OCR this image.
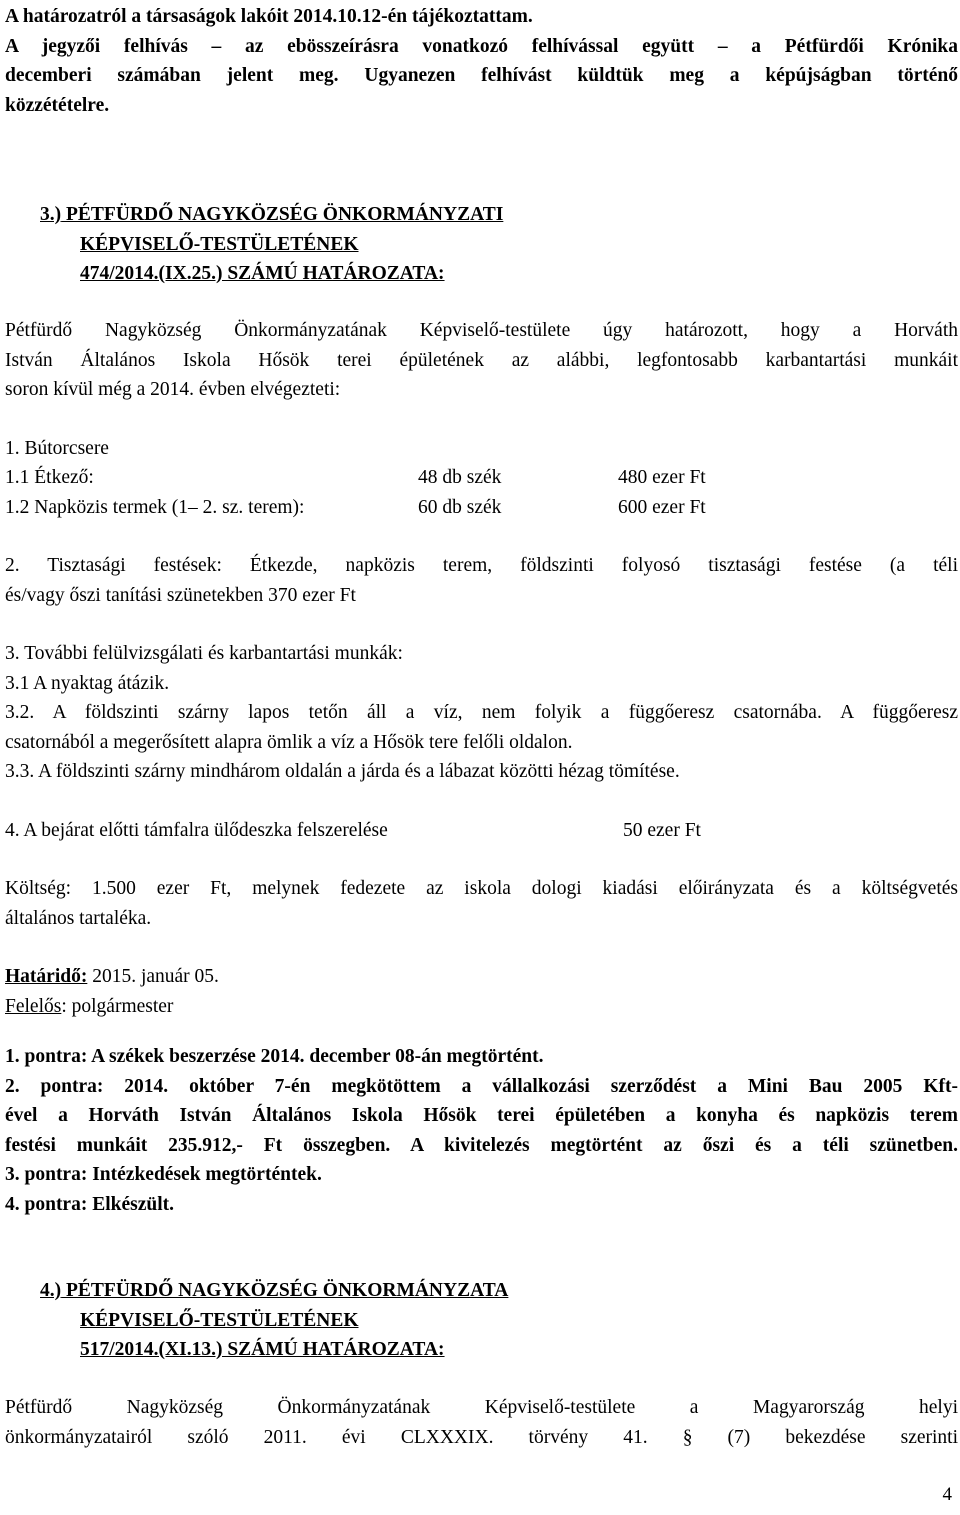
A határozatról a társaságok lakóit 2014.10.12-én tájékoztattam.

A jegyzői felhívás – az ebösszeírásra vonatkozó felhívással együtt – a Pétfürdői Krónika

decemberi számában jelent meg. Ugyanezen felhívást küldtük meg a képújságban történő

közzétételre.

3.) PÉTFÜRDŐ NAGYKÖZSÉG ÖNKORMÁNYZATI
KÉPVISELŐ-TESTÜLETÉNEK
474/2014.(IX.25.) SZÁMÚ HATÁROZATA:

Pétfürdő Nagyközség Önkormányzatának Képviselő-testülete úgy határozott, hogy a Horváth

István Általános Iskola Hősök terei épületének az alábbi, legfontosabb karbantartási munkáit

soron kívül még a 2014. évben elvégezteti:

1. Bútorcsere

1.1 Étkező:	48 db szék	480 ezer Ft
1.2 Napközis termek (1– 2. sz. terem):	60 db szék	600 ezer Ft

2. Tisztasági festések: Étkezde, napközis terem, földszinti folyosó tisztasági festése (a téli

és/vagy őszi tanítási szünetekben 370 ezer Ft

3. További felülvizsgálati és karbantartási munkák:

3.1 A nyaktag átázik.

3.2. A földszinti szárny lapos tetőn áll a víz, nem folyik a függőeresz csatornába. A függőeresz

csatornából a megerősített alapra ömlik a víz a Hősök tere felőli oldalon.

3.3. A földszinti szárny mindhárom oldalán a járda és a lábazat közötti hézag tömítése.

4. A bejárat előtti támfalra ülődeszka felszerelése	50 ezer Ft

Költség: 1.500 ezer Ft, melynek fedezete az iskola dologi kiadási előirányzata és a költségvetés

általános tartaléka.

Határidő: 2015. január 05.

Felelős: polgármester

1. pontra: A székek beszerzése 2014. december 08-án megtörtént.

2. pontra: 2014. október 7-én megkötöttem a vállalkozási szerződést a Mini Bau 2005 Kft-

ével a Horváth István Általános Iskola Hősök terei épületében a konyha és napközis terem

festési munkáit 235.912,- Ft összegben. A kivitelezés megtörtént az őszi és a téli szünetben.

3. pontra: Intézkedések megtörténtek.

4. pontra: Elkészült.

4.) PÉTFÜRDŐ NAGYKÖZSÉG ÖNKORMÁNYZATA
KÉPVISELŐ-TESTÜLETÉNEK
517/2014.(XI.13.) SZÁMÚ HATÁROZATA:

Pétfürdő Nagyközség Önkormányzatának Képviselő-testülete a Magyarország helyi

önkormányzatairól szóló 2011. évi CLXXXIX. törvény 41. § (7) bekezdése szerinti

4
